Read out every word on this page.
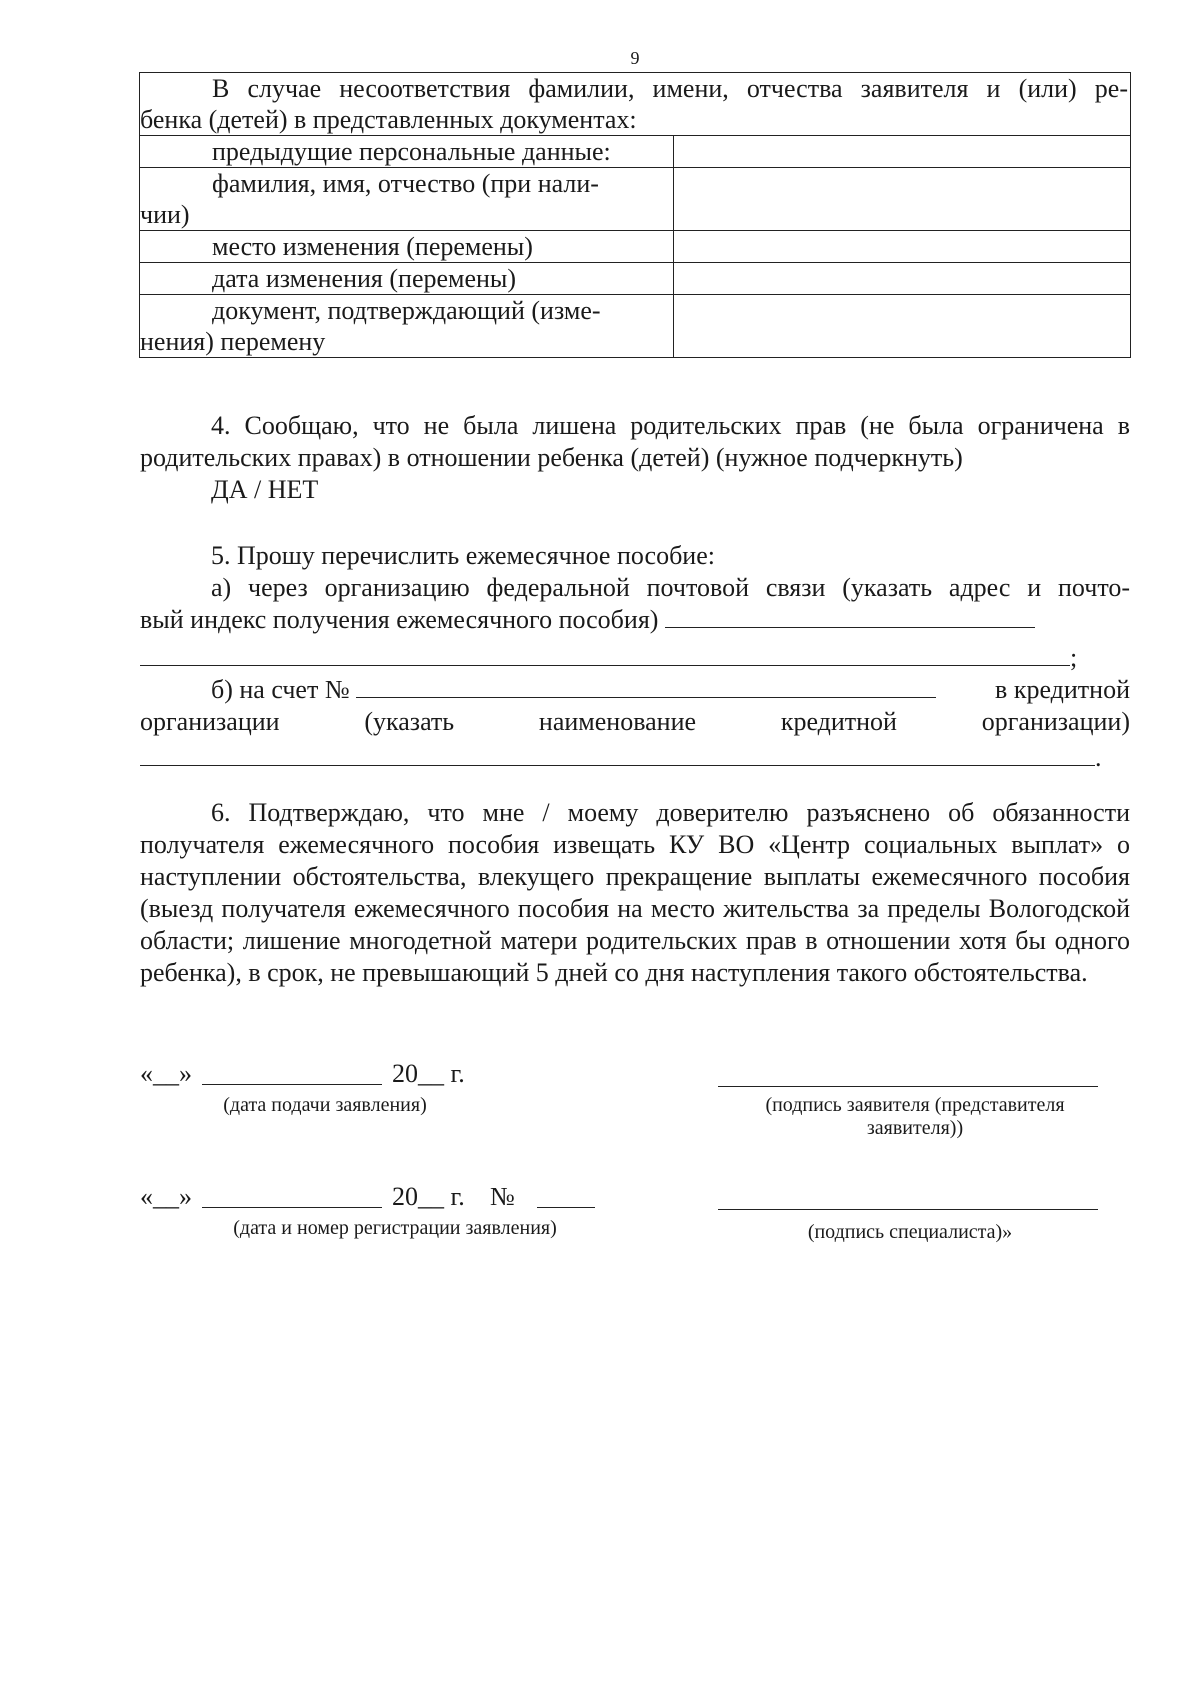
9
В случае несоответствия фамилии, имени, отчества заявителя и (или) ре-
бенка (детей) в представленных документах:	

предыдущие персональные данные:	

фамилия, имя, отчество (при нали-
чии)	

место изменения (перемены)	

дата изменения (перемены)	

документ, подтверждающий (изме-
нения) перемену	

4. Сообщаю, что не была лишена родительских прав (не была ограничена в родительских правах) в отношении ребенка (детей) (нужное подчеркнуть)

ДА / НЕТ

5. Прошу перечислить ежемесячное пособие:

а) через организацию федеральной почтовой связи (указать адрес и почто-

вый индекс получения ежемесячного пособия)

;

б) на счет №	в кредитной

организации	(указать	наименование	кредитной	организации)

.

6. Подтверждаю, что мне / моему доверителю разъяснено об обязанности получателя ежемесячного пособия извещать КУ ВО «Центр социальных выплат» о наступлении обстоятельства, влекущего прекращение выплаты ежемесячного пособия (выезд получателя ежемесячного пособия на место жительства за пределы Вологодской области; лишение многодетной матери родительских прав в отношении хотя бы одного ребенка), в срок, не превышающий 5 дней со дня наступления такого обстоятельства.

«__»	20__ г.
(дата подачи заявления)	(подпись заявителя (представителя
заявителя))
«__»	20__ г. №
(дата и номер регистрации заявления)	(подпись специалиста)»
